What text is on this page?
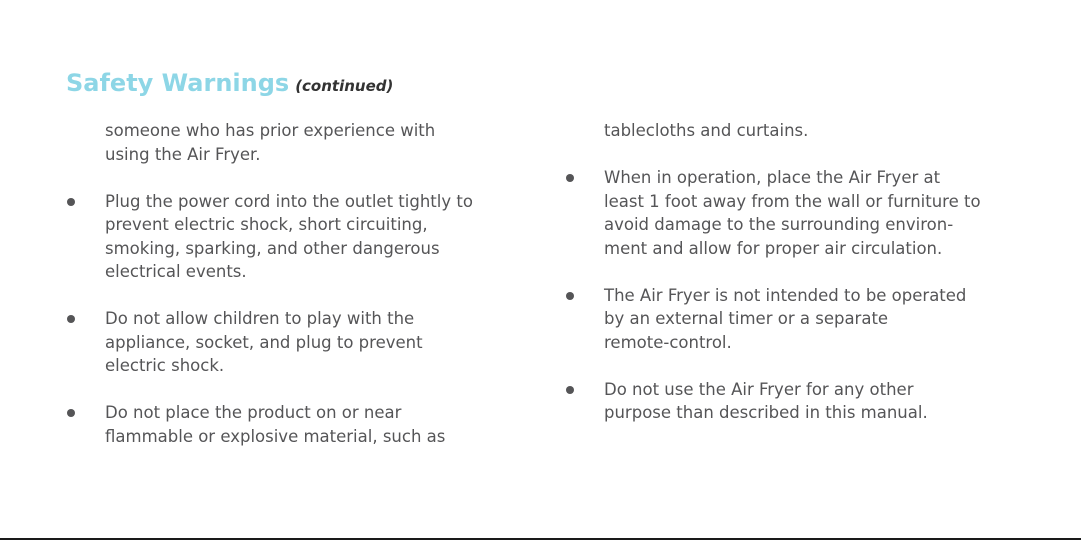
Safety Warnings (continued)
someone who has prior experience with
using the Air Fryer.
Plug the power cord into the outlet tightly to
prevent electric shock, short circuiting,
smoking, sparking, and other dangerous
electrical events.
Do not allow children to play with the
appliance, socket, and plug to prevent
electric shock.
Do not place the product on or near
flammable or explosive material, such as
tablecloths and curtains.
When in operation, place the Air Fryer at
least 1 foot away from the wall or furniture to
avoid damage to the surrounding environ-
ment and allow for proper air circulation.
The Air Fryer is not intended to be operated
by an external timer or a separate
remote-control.
Do not use the Air Fryer for any other
purpose than described in this manual.
